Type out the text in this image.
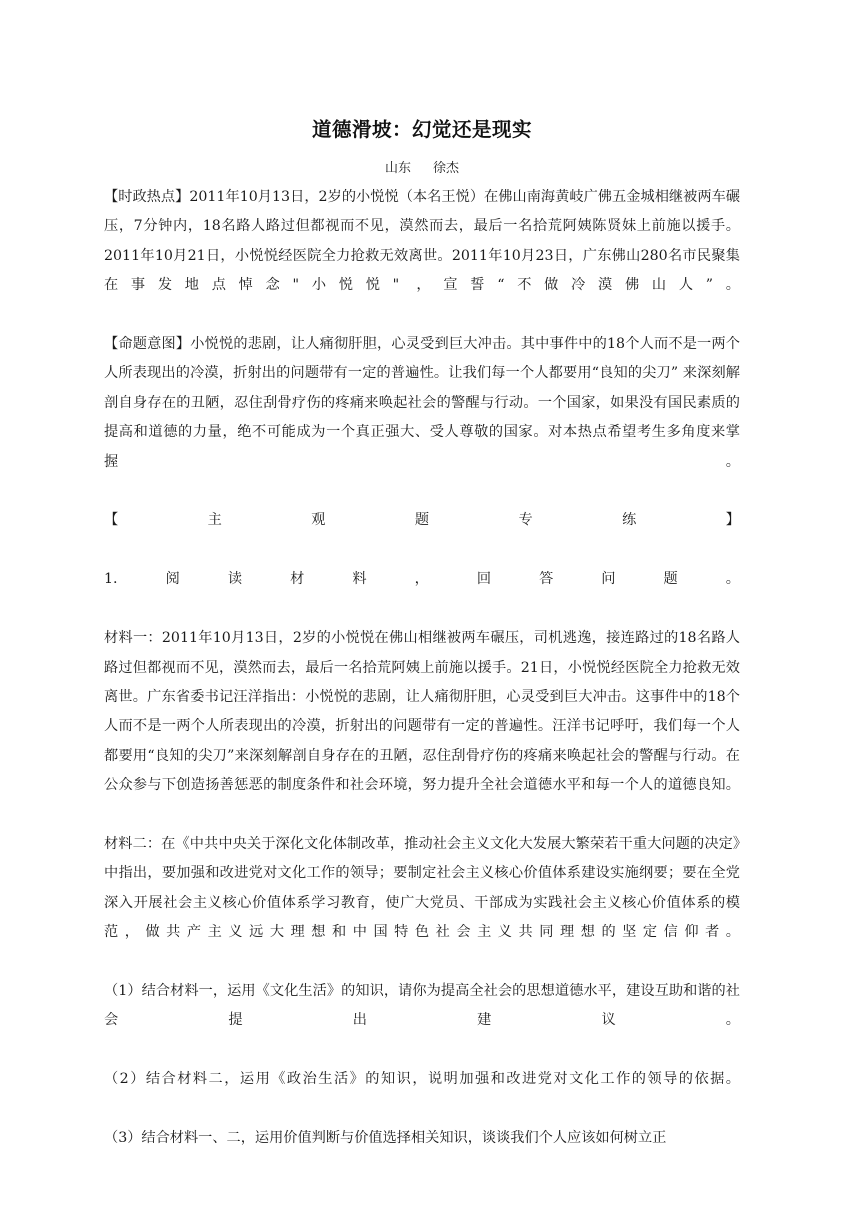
道德滑坡：幻觉还是现实
山东 徐杰

【时政热点】2011年10月13日，2岁的小悦悦（本名王悦）在佛山南海黄岐广佛五金城相继被两车碾压，7分钟内，18名路人路过但都视而不见，漠然而去，最后一名拾荒阿姨陈贤妹上前施以援手。2011年10月21日，小悦悦经医院全力抢救无效离世。2011年10月23日，广东佛山280名市民聚集在事发地点悼念"小悦悦" ，宣誓“不做冷漠佛山人”。

【命题意图】小悦悦的悲剧，让人痛彻肝胆，心灵受到巨大冲击。其中事件中的18个人而不是一两个人所表现出的冷漠，折射出的问题带有一定的普遍性。让我们每一个人都要用“良知的尖刀” 来深刻解剖自身存在的丑陋，忍住刮骨疗伤的疼痛来唤起社会的警醒与行动。一个国家，如果没有国民素质的提高和道德的力量，绝不可能成为一个真正强大、受人尊敬的国家。对本热点希望考生多角度来掌握。

【主观题专练】

1.阅读材料，回答问题。

材料一：2011年10月13日，2岁的小悦悦在佛山相继被两车碾压，司机逃逸，接连路过的18名路人路过但都视而不见，漠然而去，最后一名拾荒阿姨上前施以援手。21日，小悦悦经医院全力抢救无效离世。广东省委书记汪洋指出：小悦悦的悲剧，让人痛彻肝胆，心灵受到巨大冲击。这事件中的18个人而不是一两个人所表现出的冷漠，折射出的问题带有一定的普遍性。汪洋书记呼吁，我们每一个人都要用“良知的尖刀”来深刻解剖自身存在的丑陋，忍住刮骨疗伤的疼痛来唤起社会的警醒与行动。在公众参与下创造扬善惩恶的制度条件和社会环境，努力提升全社会道德水平和每一个人的道德良知。

材料二：在《中共中央关于深化文化体制改革，推动社会主义文化大发展大繁荣若干重大问题的决定》中指出，要加强和改进党对文化工作的领导；要制定社会主义核心价值体系建设实施纲要；要在全党深入开展社会主义核心价值体系学习教育，使广大党员、干部成为实践社会主义核心价值体系的模范，做共产主义远大理想和中国特色社会主义共同理想的坚定信仰者。

（1）结合材料一，运用《文化生活》的知识，请你为提高全社会的思想道德水平，建设互助和谐的社会提出建议。

（2）结合材料二，运用《政治生活》的知识，说明加强和改进党对文化工作的领导的依据。

（3）结合材料一、二，运用价值判断与价值选择相关知识，谈谈我们个人应该如何树立正
